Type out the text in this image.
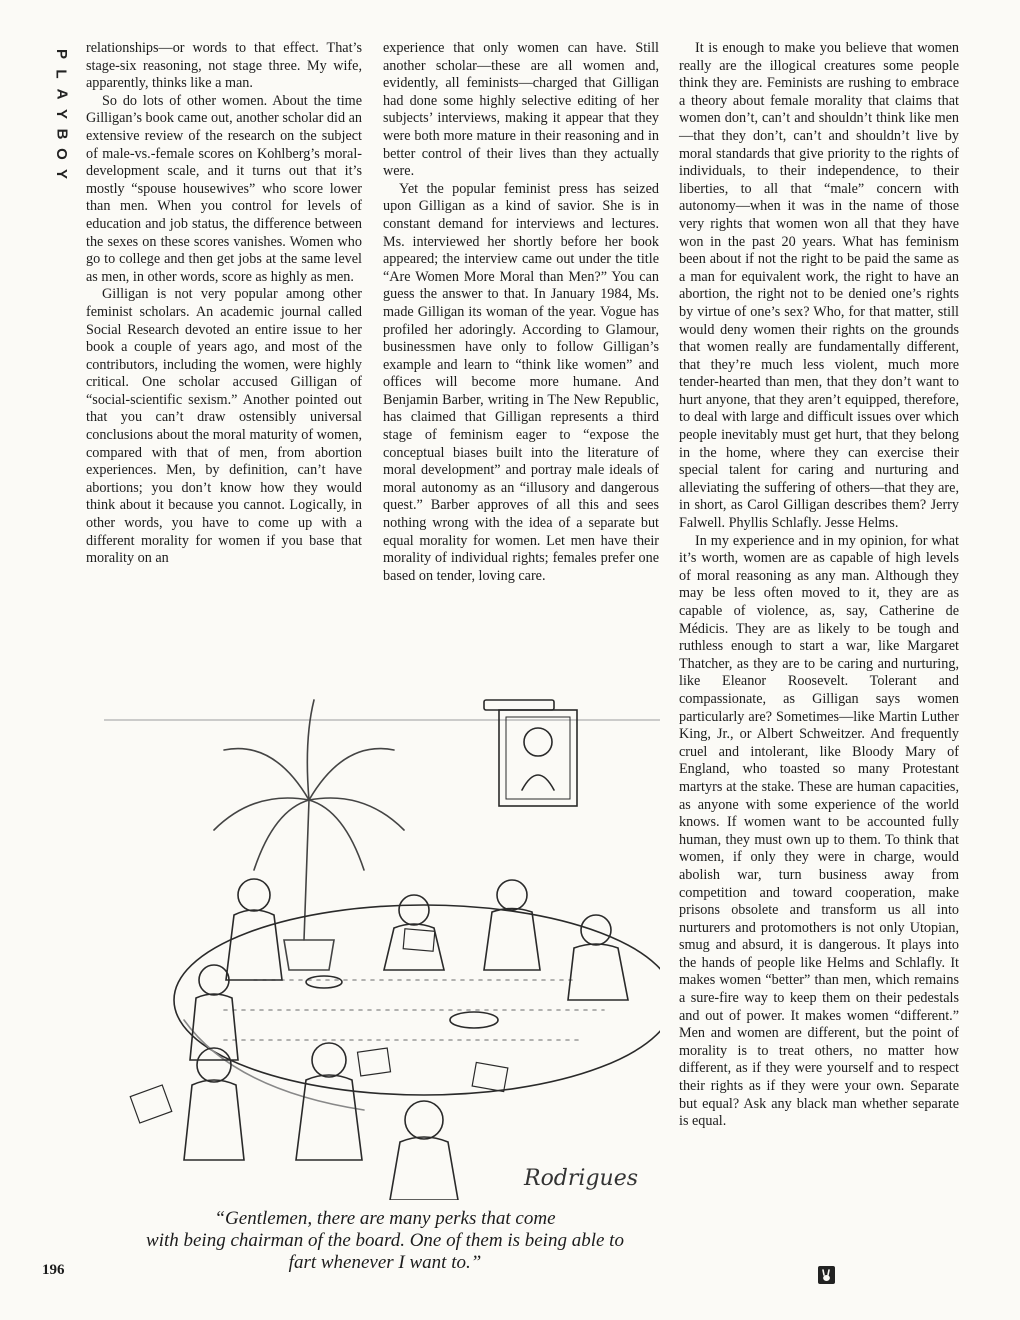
P
L
A
Y
B
O
Y

relationships—or words to that effect. That’s stage-six reasoning, not stage three. My wife, apparently, thinks like a man.

So do lots of other women. About the time Gilligan’s book came out, another scholar did an extensive review of the research on the subject of male-vs.-female scores on Kohlberg’s moral-development scale, and it turns out that it’s mostly “spouse housewives” who score lower than men. When you control for levels of education and job status, the difference between the sexes on these scores vanishes. Women who go to college and then get jobs at the same level as men, in other words, score as highly as men.

Gilligan is not very popular among other feminist scholars. An academic journal called Social Research devoted an entire issue to her book a couple of years ago, and most of the contributors, including the women, were highly critical. One scholar accused Gilligan of “social-scientific sexism.” Another pointed out that you can’t draw ostensibly universal conclusions about the moral maturity of women, compared with that of men, from abortion experiences. Men, by definition, can’t have abortions; you don’t know how they would think about it because you cannot. Logically, in other words, you have to come up with a different morality for women if you base that morality on an

experience that only women can have. Still another scholar—these are all women and, evidently, all feminists—charged that Gilligan had done some highly selective editing of her subjects’ interviews, making it appear that they were both more mature in their reasoning and in better control of their lives than they actually were.

Yet the popular feminist press has seized upon Gilligan as a kind of savior. She is in constant demand for interviews and lectures. Ms. interviewed her shortly before her book appeared; the interview came out under the title “Are Women More Moral than Men?” You can guess the answer to that. In January 1984, Ms. made Gilligan its woman of the year. Vogue has profiled her adoringly. According to Glamour, businessmen have only to follow Gilligan’s example and learn to “think like women” and offices will become more humane. And Benjamin Barber, writing in The New Republic, has claimed that Gilligan represents a third stage of feminism eager to “expose the conceptual biases built into the literature of moral development” and portray male ideals of moral autonomy as an “illusory and dangerous quest.” Barber approves of all this and sees nothing wrong with the idea of a separate but equal morality for women. Let men have their morality of individual rights; females prefer one based on tender, loving care.

It is enough to make you believe that women really are the illogical creatures some people think they are. Feminists are rushing to embrace a theory about female morality that claims that women don’t, can’t and shouldn’t think like men—that they don’t, can’t and shouldn’t live by moral standards that give priority to the rights of individuals, to their independence, to their liberties, to all that “male” concern with autonomy—when it was in the name of those very rights that women won all that they have won in the past 20 years. What has feminism been about if not the right to be paid the same as a man for equivalent work, the right to have an abortion, the right not to be denied one’s rights by virtue of one’s sex? Who, for that matter, still would deny women their rights on the grounds that women really are fundamentally different, that they’re much less violent, much more tender-hearted than men, that they don’t want to hurt anyone, that they aren’t equipped, therefore, to deal with large and difficult issues over which people inevitably must get hurt, that they belong in the home, where they can exercise their special talent for caring and nurturing and alleviating the suffering of others—that they are, in short, as Carol Gilligan describes them? Jerry Falwell. Phyllis Schlafly. Jesse Helms.

In my experience and in my opinion, for what it’s worth, women are as capable of high levels of moral reasoning as any man. Although they may be less often moved to it, they are as capable of violence, as, say, Catherine de Médicis. They are as likely to be tough and ruthless enough to start a war, like Margaret Thatcher, as they are to be caring and nurturing, like Eleanor Roosevelt. Tolerant and compassionate, as Gilligan says women particularly are? Sometimes—like Martin Luther King, Jr., or Albert Schweitzer. And frequently cruel and intolerant, like Bloody Mary of England, who toasted so many Protestant martyrs at the stake. These are human capacities, as anyone with some experience of the world knows. If women want to be accounted fully human, they must own up to them. To think that women, if only they were in charge, would abolish war, turn business away from competition and toward cooperation, make prisons obsolete and transform us all into nurturers and protomothers is not only Utopian, smug and absurd, it is dangerous. It plays into the hands of people like Helms and Schlafly. It makes women “better” than men, which remains a sure-fire way to keep them on their pedestals and out of power. It makes women “different.” Men and women are different, but the point of morality is to treat others, no matter how different, as if they were yourself and to respect their rights as if they were your own. Separate but equal? Ask any black man whether separate is equal.

Rodrigues
“Gentlemen, there are many perks that come
with being chairman of the board. One of them is being able to
fart whenever I want to.”
196
